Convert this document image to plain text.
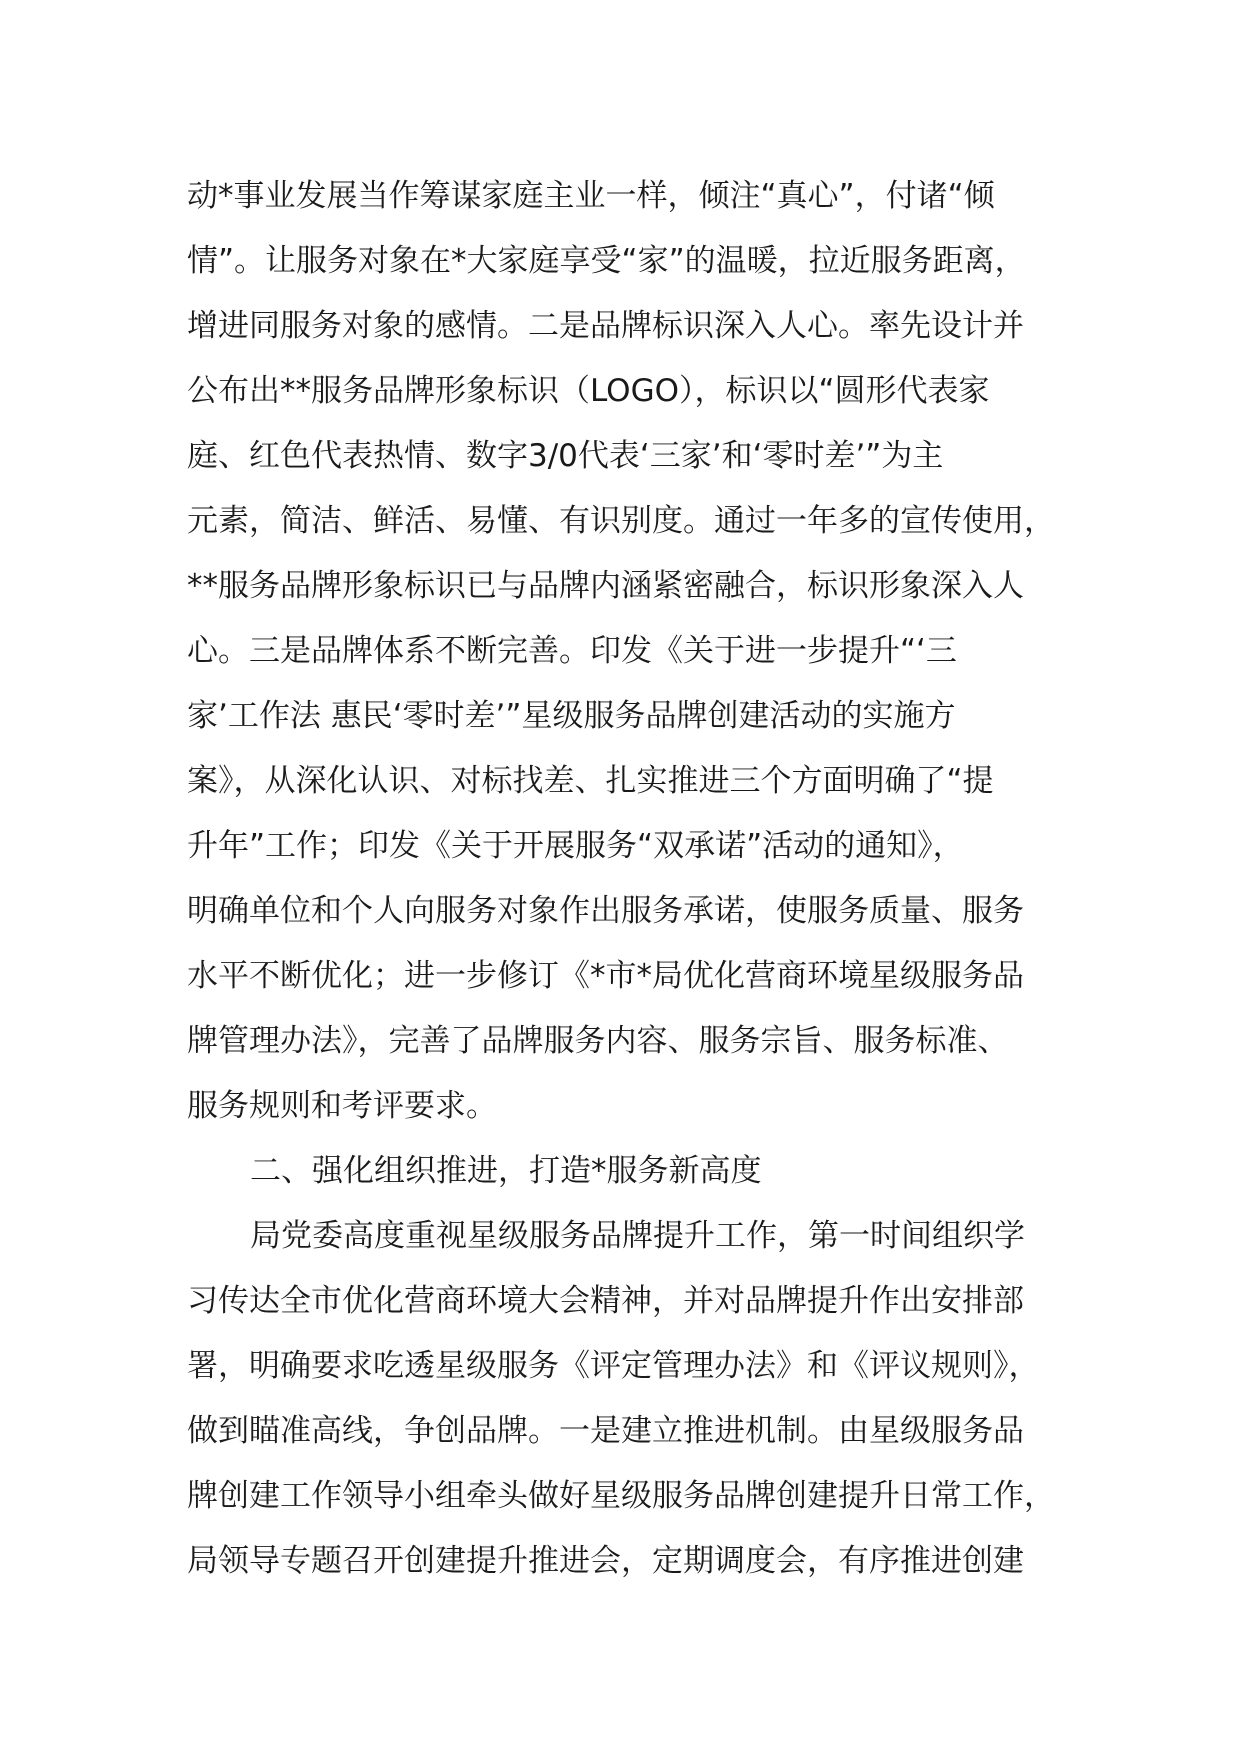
动*事业发展当作筹谋家庭主业一样，倾注“真心”，付诸“倾
情”。让服务对象在*大家庭享受“家”的温暖，拉近服务距离，
增进同服务对象的感情。二是品牌标识深入人心。率先设计并
公布出**服务品牌形象标识（LOGO），标识以“圆形代表家
庭、红色代表热情、数字3/0代表‘三家’和‘零时差’”为主
元素，简洁、鲜活、易懂、有识别度。通过一年多的宣传使用，
**服务品牌形象标识已与品牌内涵紧密融合，标识形象深入人
心。三是品牌体系不断完善。印发《关于进一步提升“‘三
家’工作法 惠民‘零时差’”星级服务品牌创建活动的实施方
案》，从深化认识、对标找差、扎实推进三个方面明确了“提
升年”工作；印发《关于开展服务“双承诺”活动的通知》，
明确单位和个人向服务对象作出服务承诺，使服务质量、服务
水平不断优化；进一步修订《*市*局优化营商环境星级服务品
牌管理办法》，完善了品牌服务内容、服务宗旨、服务标准、
服务规则和考评要求。
二、强化组织推进，打造*服务新高度
局党委高度重视星级服务品牌提升工作，第一时间组织学
习传达全市优化营商环境大会精神，并对品牌提升作出安排部
署，明确要求吃透星级服务《评定管理办法》和《评议规则》，
做到瞄准高线，争创品牌。一是建立推进机制。由星级服务品
牌创建工作领导小组牵头做好星级服务品牌创建提升日常工作，
局领导专题召开创建提升推进会，定期调度会，有序推进创建
